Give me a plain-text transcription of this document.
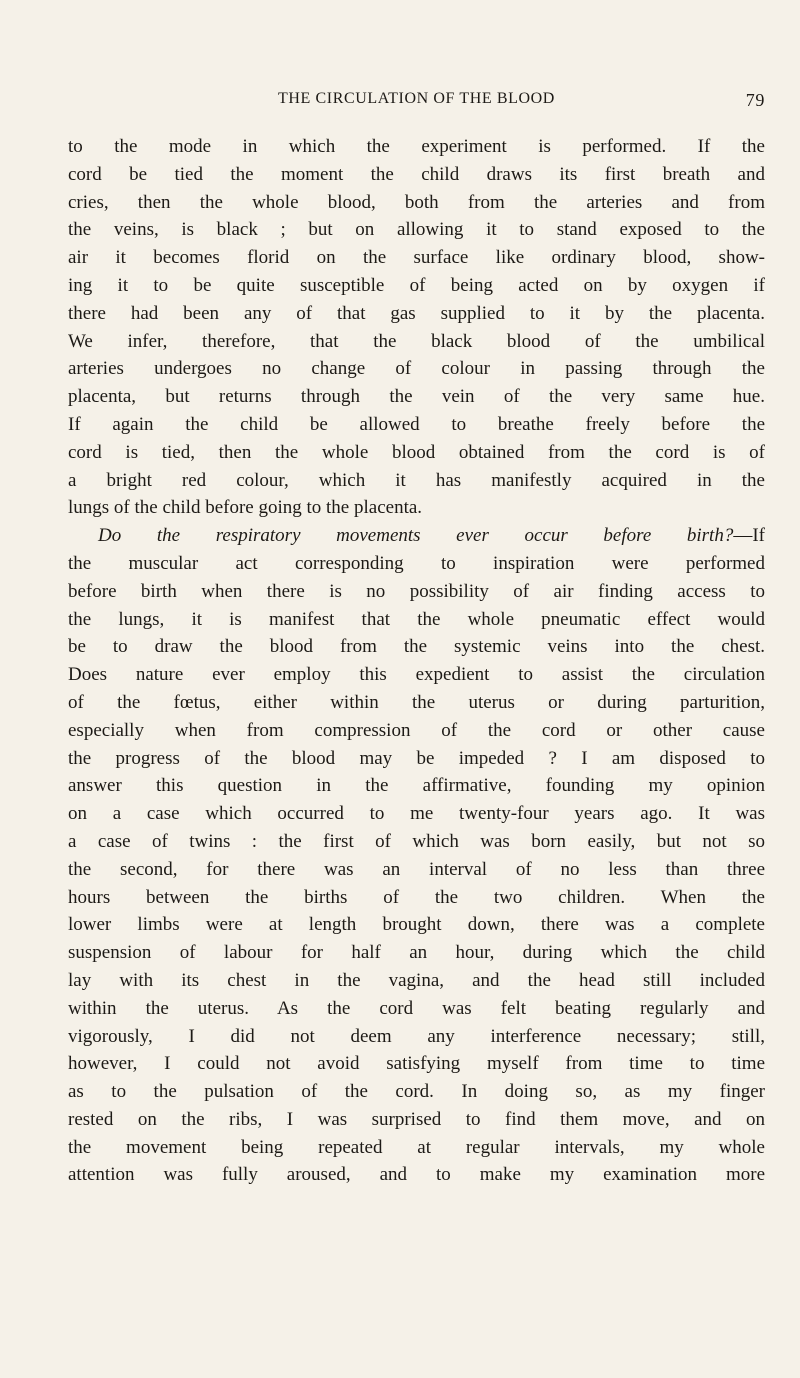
THE CIRCULATION OF THE BLOOD	79
to the mode in which the experiment is performed. If the
cord be tied the moment the child draws its first breath and
cries, then the whole blood, both from the arteries and from
the veins, is black ; but on allowing it to stand exposed to the
air it becomes florid on the surface like ordinary blood, show-
ing it to be quite susceptible of being acted on by oxygen if
there had been any of that gas supplied to it by the placenta.
We infer, therefore, that the black blood of the umbilical
arteries undergoes no change of colour in passing through the
placenta, but returns through the vein of the very same hue.
If again the child be allowed to breathe freely before the
cord is tied, then the whole blood obtained from the cord is of
a bright red colour, which it has manifestly acquired in the
lungs of the child before going to the placenta.
Do the respiratory movements ever occur before birth?—If
the muscular act corresponding to inspiration were performed
before birth when there is no possibility of air finding access to
the lungs, it is manifest that the whole pneumatic effect would
be to draw the blood from the systemic veins into the chest.
Does nature ever employ this expedient to assist the circulation
of the fœtus, either within the uterus or during parturition,
especially when from compression of the cord or other cause
the progress of the blood may be impeded ? I am disposed to
answer this question in the affirmative, founding my opinion
on a case which occurred to me twenty-four years ago. It was
a case of twins : the first of which was born easily, but not so
the second, for there was an interval of no less than three
hours between the births of the two children. When the
lower limbs were at length brought down, there was a complete
suspension of labour for half an hour, during which the child
lay with its chest in the vagina, and the head still included
within the uterus. As the cord was felt beating regularly and
vigorously, I did not deem any interference necessary; still,
however, I could not avoid satisfying myself from time to time
as to the pulsation of the cord. In doing so, as my finger
rested on the ribs, I was surprised to find them move, and on
the movement being repeated at regular intervals, my whole
attention was fully aroused, and to make my examination more
